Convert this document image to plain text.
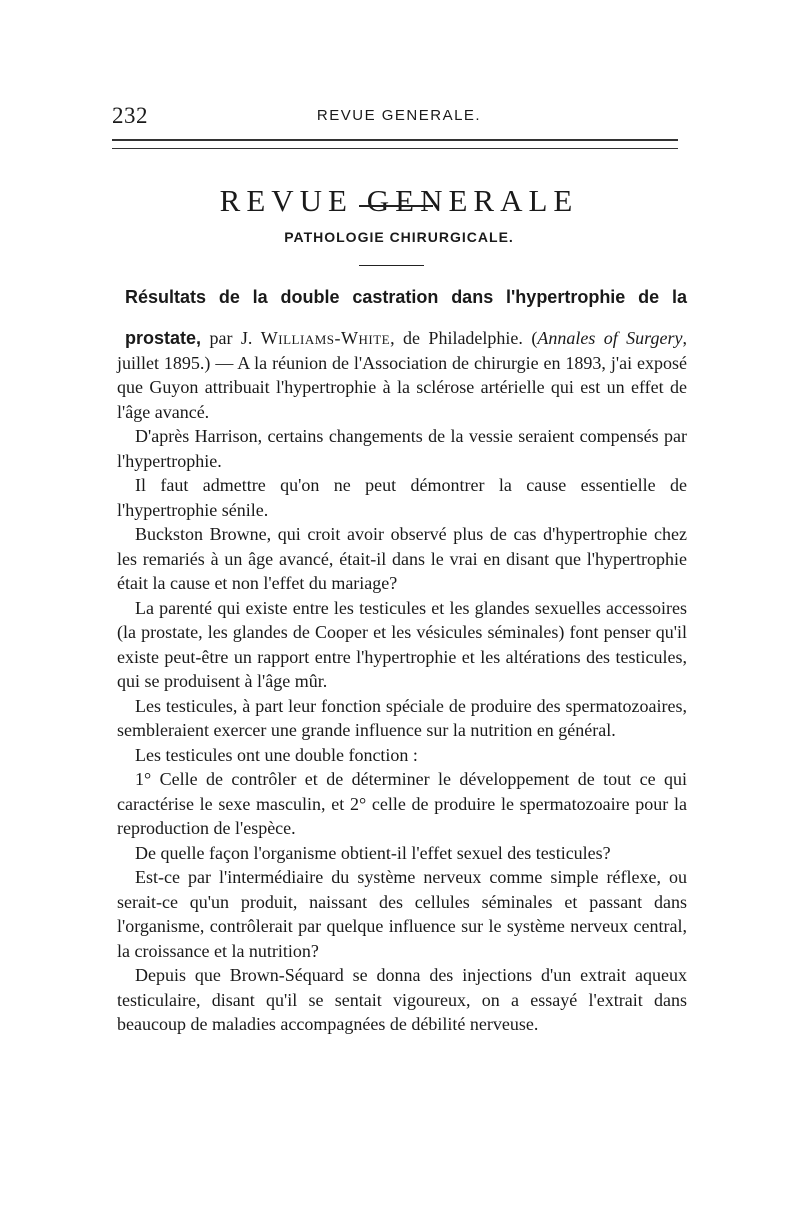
232	REVUE GENERALE.
REVUE GENERALE
PATHOLOGIE CHIRURGICALE.
Résultats de la double castration dans l'hypertrophie de la

prostate, par J. Williams-White, de Philadelphie. (Annales of Surgery, juillet 1895.) — A la réunion de l'Association de chirurgie en 1893, j'ai exposé que Guyon attribuait l'hypertrophie à la sclérose artérielle qui est un effet de l'âge avancé.

D'après Harrison, certains changements de la vessie seraient compensés par l'hypertrophie.

Il faut admettre qu'on ne peut démontrer la cause essentielle de l'hypertrophie sénile.

Buckston Browne, qui croit avoir observé plus de cas d'hypertrophie chez les remariés à un âge avancé, était-il dans le vrai en disant que l'hypertrophie était la cause et non l'effet du mariage?

La parenté qui existe entre les testicules et les glandes sexuelles accessoires (la prostate, les glandes de Cooper et les vésicules séminales) font penser qu'il existe peut-être un rapport entre l'hypertrophie et les altérations des testicules, qui se produisent à l'âge mûr.

Les testicules, à part leur fonction spéciale de produire des spermatozoaires, sembleraient exercer une grande influence sur la nutrition en général.

Les testicules ont une double fonction :

1° Celle de contrôler et de déterminer le développement de tout ce qui caractérise le sexe masculin, et 2° celle de produire le spermatozoaire pour la reproduction de l'espèce.

De quelle façon l'organisme obtient-il l'effet sexuel des testicules?

Est-ce par l'intermédiaire du système nerveux comme simple réflexe, ou serait-ce qu'un produit, naissant des cellules séminales et passant dans l'organisme, contrôlerait par quelque influence sur le système nerveux central, la croissance et la nutrition?

Depuis que Brown-Séquard se donna des injections d'un extrait aqueux testiculaire, disant qu'il se sentait vigoureux, on a essayé l'extrait dans beaucoup de maladies accompagnées de débilité nerveuse.
